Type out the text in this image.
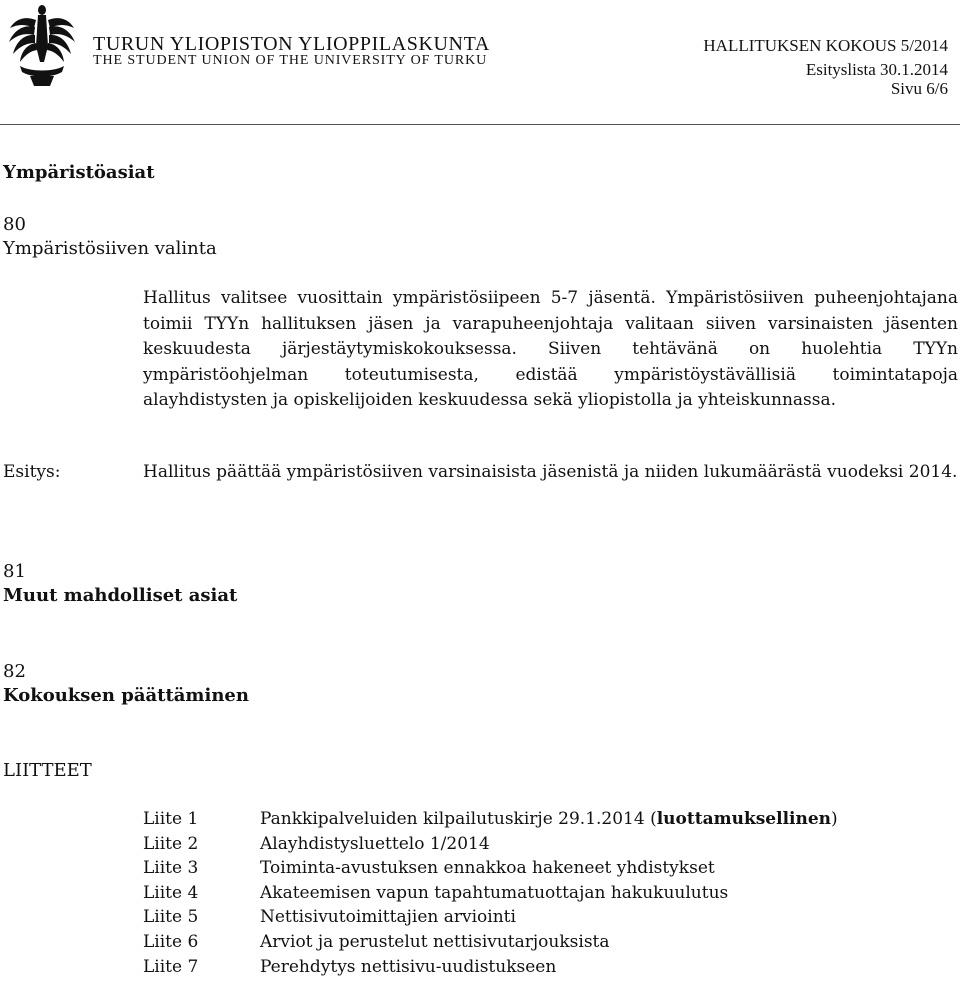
TURUN YLIOPISTON YLIOPPILASKUNTA
THE STUDENT UNION OF THE UNIVERSITY OF TURKU
HALLITUKSEN KOKOUS 5/2014
Esityslista 30.1.2014
Sivu 6/6
Ympäristöasiat
80
Ympäristösiiven valinta
Hallitus valitsee vuosittain ympäristösiipeen 5-7 jäsentä. Ympäristösiiven puheenjohtajana toimii TYYn hallituksen jäsen ja varapuheenjohtaja valitaan siiven varsinaisten jäsenten keskuudesta järjestäytymiskokouksessa. Siiven tehtävänä on huolehtia TYYn ympäristöohjelman toteutumisesta, edistää ympäristöystävällisiä toimintatapoja alayhdistysten ja opiskelijoiden keskuudessa sekä yliopistolla ja yhteiskunnassa.
Esitys:	Hallitus päättää ympäristösiiven varsinaisista jäsenistä ja niiden lukumäärästä vuodeksi 2014.
81
Muut mahdolliset asiat
82
Kokouksen päättäminen
LIITTEET
Liite 1	Pankkipalveluiden kilpailutuskirje 29.1.2014 (luottamuksellinen)
Liite 2	Alayhdistysluettelo 1/2014
Liite 3	Toiminta-avustuksen ennakkoa hakeneet yhdistykset
Liite 4	Akateemisen vapun tapahtumatuottajan hakukuulutus
Liite 5	Nettisivutoimittajien arviointi
Liite 6	Arviot ja perustelut nettisivutarjouksista
Liite 7	Perehdytys nettisivu-uudistukseen
